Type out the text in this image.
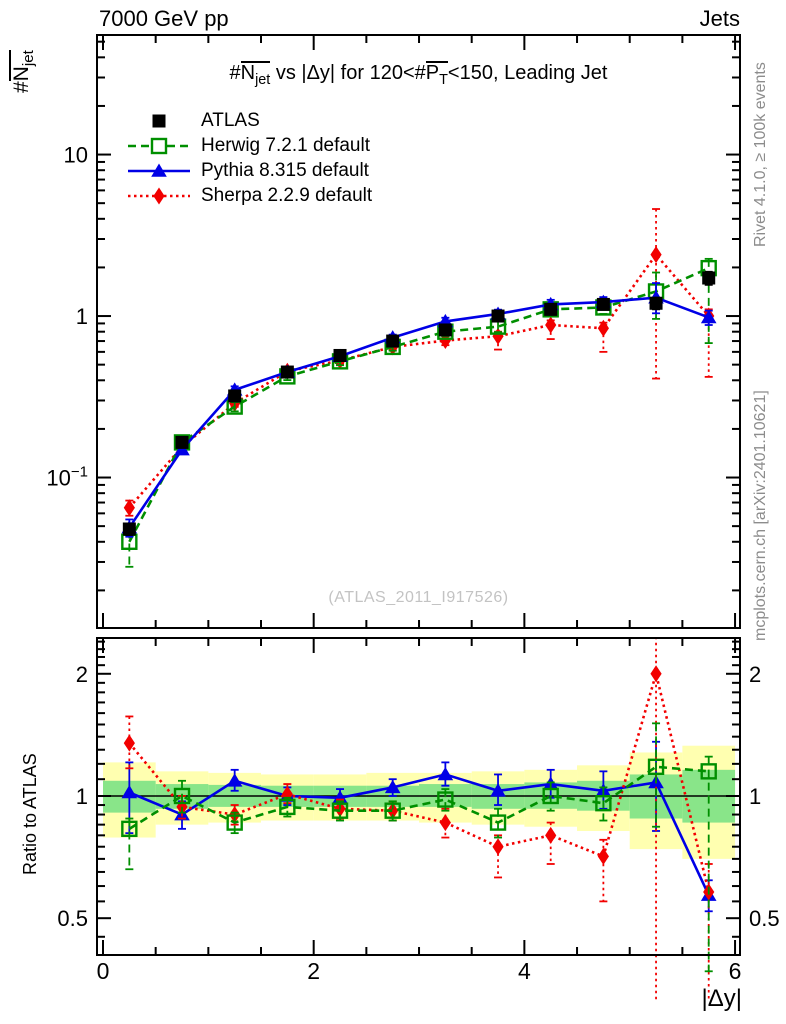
0	2	4	6
10
1
$10^{-1}$
2	2
1	1
0.5	0.5
7000 GeV pp	Jets
$\#N_{jet}$ vs |Δy| for $120<\#P_T<150$, Leading Jet
$\#N_{jet}$
ATLAS
Herwig 7.2.1 default
Pythia 8.315 default
Sherpa 2.2.9 default
(ATLAS_2011_I917526)
Rivet 4.1.0, ≥ 100k events
mcplots.cern.ch [arXiv:2401.10621]
Ratio to ATLAS
|Δy|
